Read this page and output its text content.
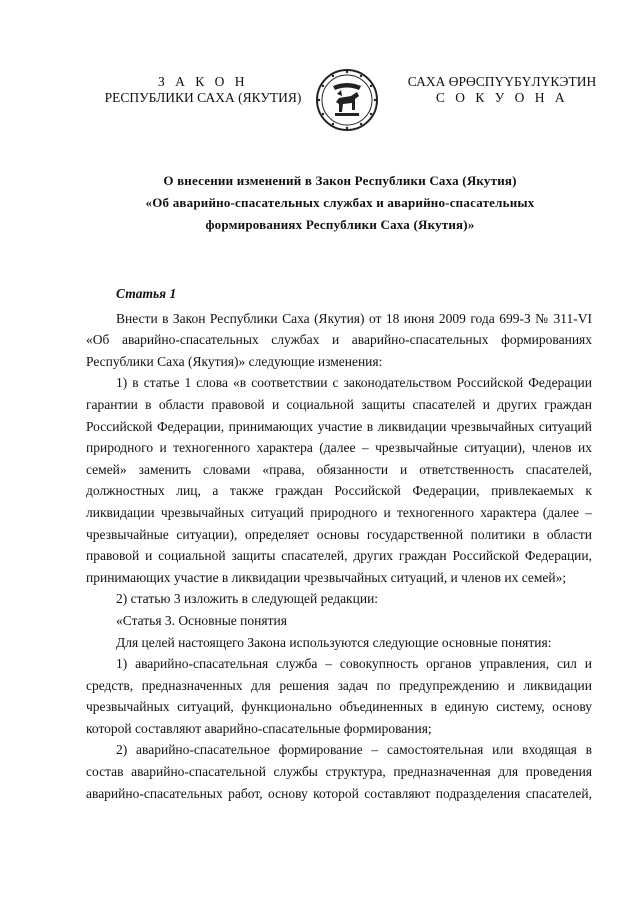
З А К О Н
РЕСПУБЛИКИ САХА (ЯКУТИЯ)
САХА ӨРӨСПҮҮБҮЛҮКЭТИН
С О К У О Н А
О внесении изменений в Закон Республики Саха (Якутия)
«Об аварийно-спасательных службах и аварийно-спасательных
формированиях Республики Саха (Якутия)»
Статья 1

Внести в Закон Республики Саха (Якутия) от 18 июня 2009 года 699-З № 311-VI «Об аварийно-спасательных службах и аварийно-спасательных формированиях Республики Саха (Якутия)» следующие изменения:

1) в статье 1 слова «в соответствии с законодательством Российской Федерации гарантии в области правовой и социальной защиты спасателей и других граждан Российской Федерации, принимающих участие в ликвидации чрезвычайных ситуаций природного и техногенного характера (далее – чрезвычайные ситуации), членов их семей» заменить словами «права, обязанности и ответственность спасателей, должностных лиц, а также граждан Российской Федерации, привлекаемых к ликвидации чрезвычайных ситуаций природного и техногенного характера (далее – чрезвычайные ситуации), определяет основы государственной политики в области правовой и социальной защиты спасателей, других граждан Российской Федерации, принимающих участие в ликвидации чрезвычайных ситуаций, и членов их семей»;

2) статью 3 изложить в следующей редакции:

«Статья 3. Основные понятия

Для целей настоящего Закона используются следующие основные понятия:

1) аварийно-спасательная служба – совокупность органов управления, сил и средств, предназначенных для решения задач по предупреждению и ликвидации чрезвычайных ситуаций, функционально объединенных в единую систему, основу которой составляют аварийно-спасательные формирования;

2) аварийно-спасательное формирование – самостоятельная или входящая в состав аварийно-спасательной службы структура, предназначенная для проведения аварийно-спасательных работ, основу которой составляют подразделения спасателей,
